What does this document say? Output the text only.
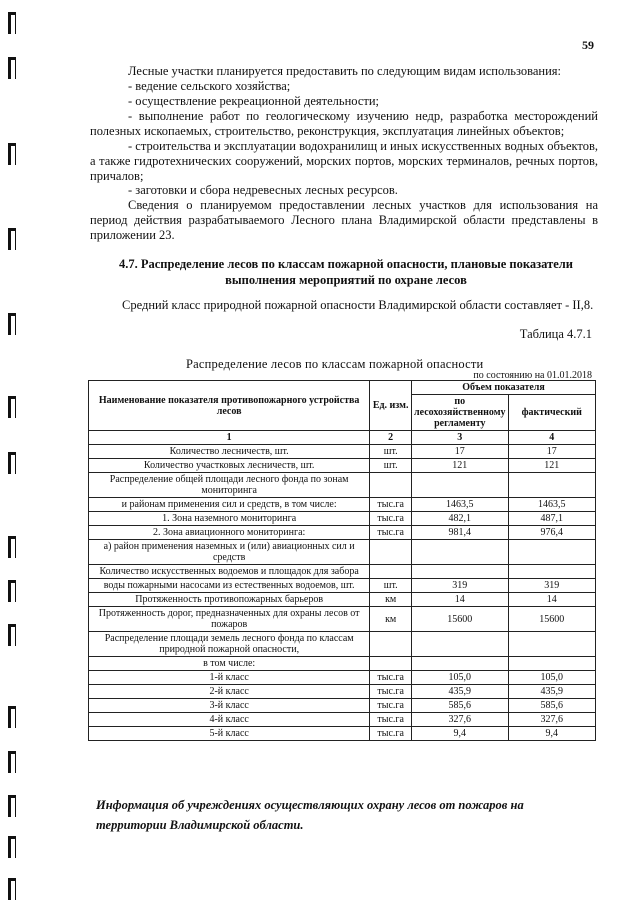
59

Лесные участки планируется предоставить по следующим видам использования:

- ведение сельского хозяйства;

- осуществление рекреационной деятельности;

- выполнение работ по геологическому изучению недр, разработка месторождений полезных ископаемых, строительство, реконструкция, эксплуатация линейных объектов;

- строительства и эксплуатации водохранилищ и иных искусственных водных объектов, а также гидротехнических сооружений, морских портов, морских терминалов, речных портов, причалов;

- заготовки и сбора недревесных лесных ресурсов.

Сведения о планируемом предоставлении лесных участков для использования на период действия разрабатываемого Лесного плана Владимирской области представлены в приложении 23.

4.7. Распределение лесов по классам пожарной опасности, плановые показатели выполнения мероприятий по охране лесов

Средний класс природной пожарной опасности Владимирской области составляет - II,8.

Таблица 4.7.1
Распределение лесов по классам пожарной опасности
по состоянию на 01.01.2018
Наименование показателя противопожарного устройства лесов	Ед. изм.	Объем показателя	
		по лесохозяйственному регламенту	фактический
1	2	3	4
Количество лесничеств, шт.	шт.	17	17
Количество участковых лесничеств, шт.	шт.	121	121
Распределение общей площади лесного фонда по зонам мониторинга			
и районам применения сил и средств, в том числе:	тыс.га	1463,5	1463,5
1. Зона наземного мониторинга	тыс.га	482,1	487,1
2. Зона авиационного мониторинга:	тыс.га	981,4	976,4
а) район применения наземных и (или) авиационных сил и средств			
Количество искусственных водоемов и площадок для забора			
воды пожарными насосами из естественных водоемов, шт.	шт.	319	319
Протяженность противопожарных барьеров	км	14	14
Протяженность дорог, предназначенных для охраны лесов от пожаров	км	15600	15600
Распределение площади земель лесного фонда по классам природной пожарной опасности,			
в том числе:			
1-й класс	тыс.га	105,0	105,0
2-й класс	тыс.га	435,9	435,9
3-й класс	тыс.га	585,6	585,6
4-й класс	тыс.га	327,6	327,6
5-й класс	тыс.га	9,4	9,4
Информация об учреждениях осуществляющих охрану лесов от пожаров на территории Владимирской области.
